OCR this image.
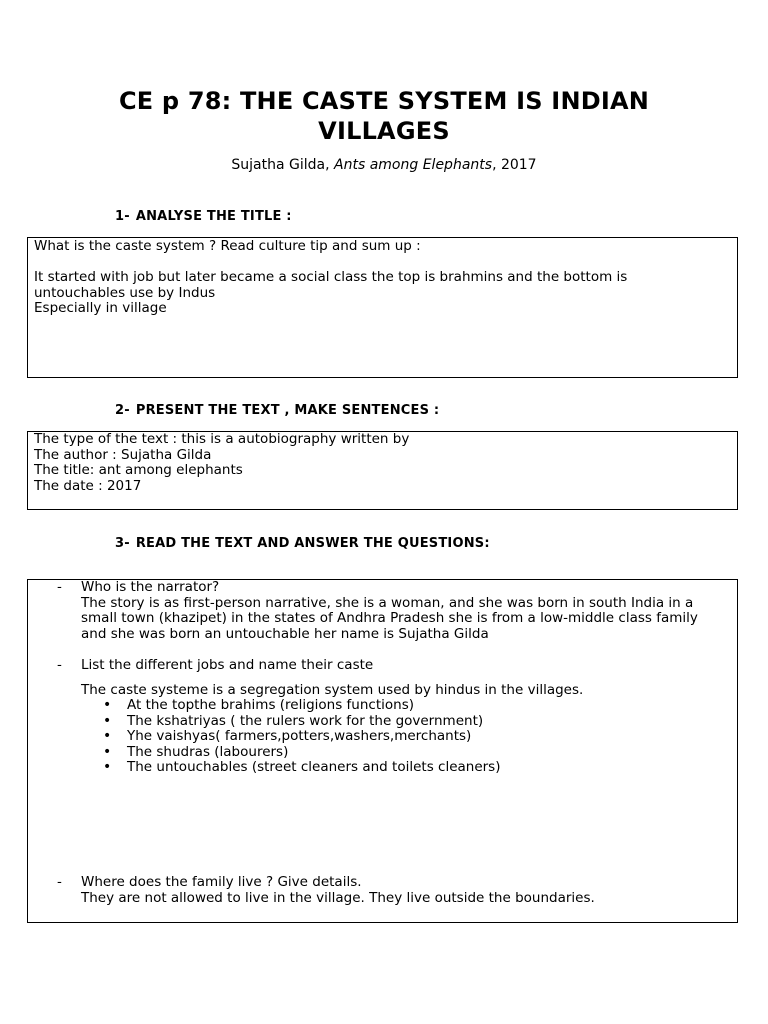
CE p 78: THE CASTE SYSTEM IS INDIAN VILLAGES
Sujatha Gilda, Ants among Elephants, 2017
1- ANALYSE THE TITLE :
What is the caste system ? Read culture tip and sum up :
It started with job but later became a social class the top is brahmins and the bottom is
untouchables use by Indus
Especially in village
2- PRESENT THE TEXT , MAKE SENTENCES :
The type of the text : this is a autobiography written by
The author : Sujatha Gilda
The title: ant among elephants
The date : 2017
3- READ THE TEXT AND ANSWER THE QUESTIONS:
- Who is the narrator?
The story is as first-person narrative, she is a woman, and she was born in south India in a
small town (khazipet) in the states of Andhra Pradesh she is from a low-middle class family
and she was born an untouchable her name is Sujatha Gilda
- List the different jobs and name their caste
The caste systeme is a segregation system used by hindus in the villages.
• At the topthe brahims (religions functions)
• The kshatriyas ( the rulers work for the government)
• Yhe vaishyas( farmers,potters,washers,merchants)
• The shudras (labourers)
• The untouchables (street cleaners and toilets cleaners)
- Where does the family live ? Give details.
They are not allowed to live in the village. They live outside the boundaries.
